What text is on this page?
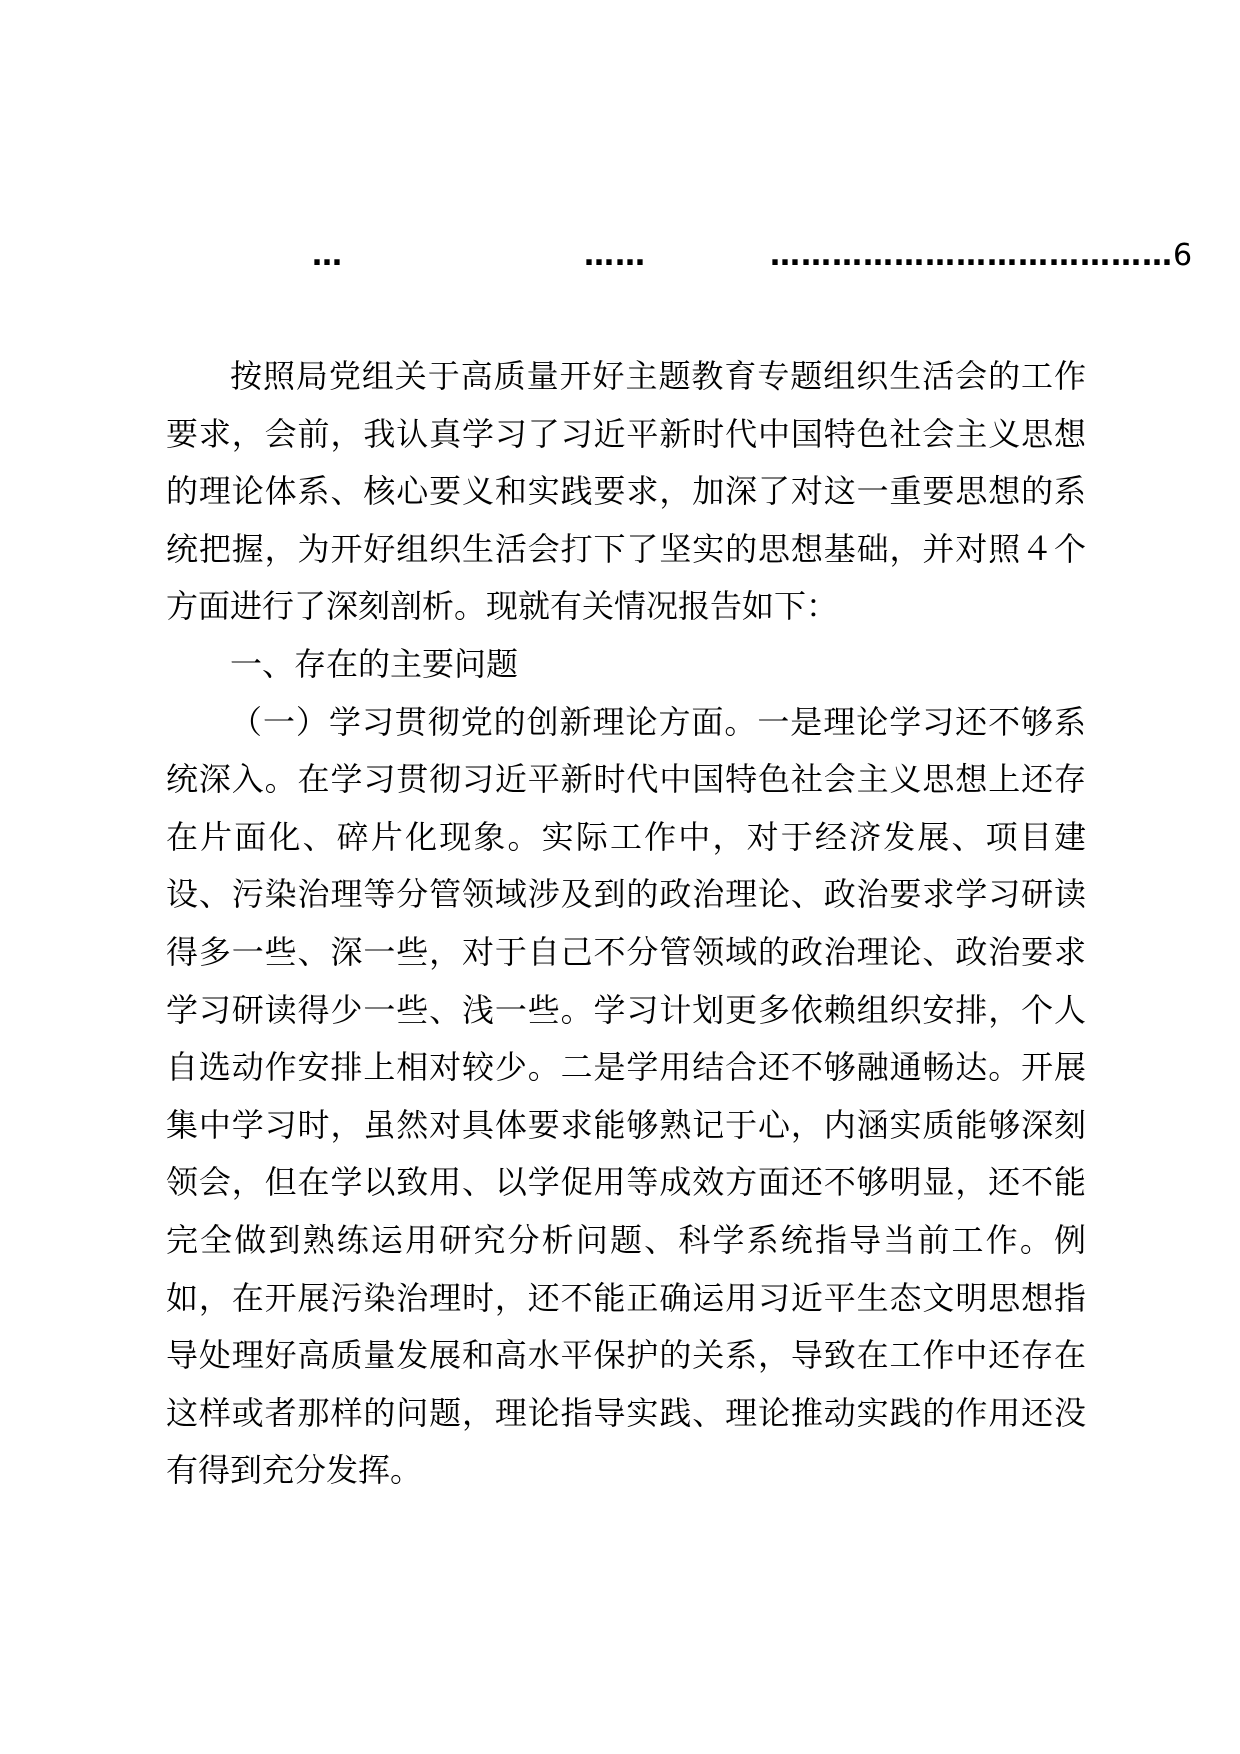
…	……	…………………………………6

按照局党组关于高质量开好主题教育专题组织生活会的工作要求，会前，我认真学习了习近平新时代中国特色社会主义思想的理论体系、核心要义和实践要求，加深了对这一重要思想的系统把握，为开好组织生活会打下了坚实的思想基础，并对照４个方面进行了深刻剖析。现就有关情况报告如下：

一、存在的主要问题

（一）学习贯彻党的创新理论方面。一是理论学习还不够系统深入。在学习贯彻习近平新时代中国特色社会主义思想上还存在片面化、碎片化现象。实际工作中，对于经济发展、项目建设、污染治理等分管领域涉及到的政治理论、政治要求学习研读得多一些、深一些，对于自己不分管领域的政治理论、政治要求学习研读得少一些、浅一些。学习计划更多依赖组织安排，个人自选动作安排上相对较少。二是学用结合还不够融通畅达。开展集中学习时，虽然对具体要求能够熟记于心，内涵实质能够深刻领会，但在学以致用、以学促用等成效方面还不够明显，还不能完全做到熟练运用研究分析问题、科学系统指导当前工作。例如，在开展污染治理时，还不能正确运用习近平生态文明思想指导处理好高质量发展和高水平保护的关系，导致在工作中还存在这样或者那样的问题，理论指导实践、理论推动实践的作用还没有得到充分发挥。
